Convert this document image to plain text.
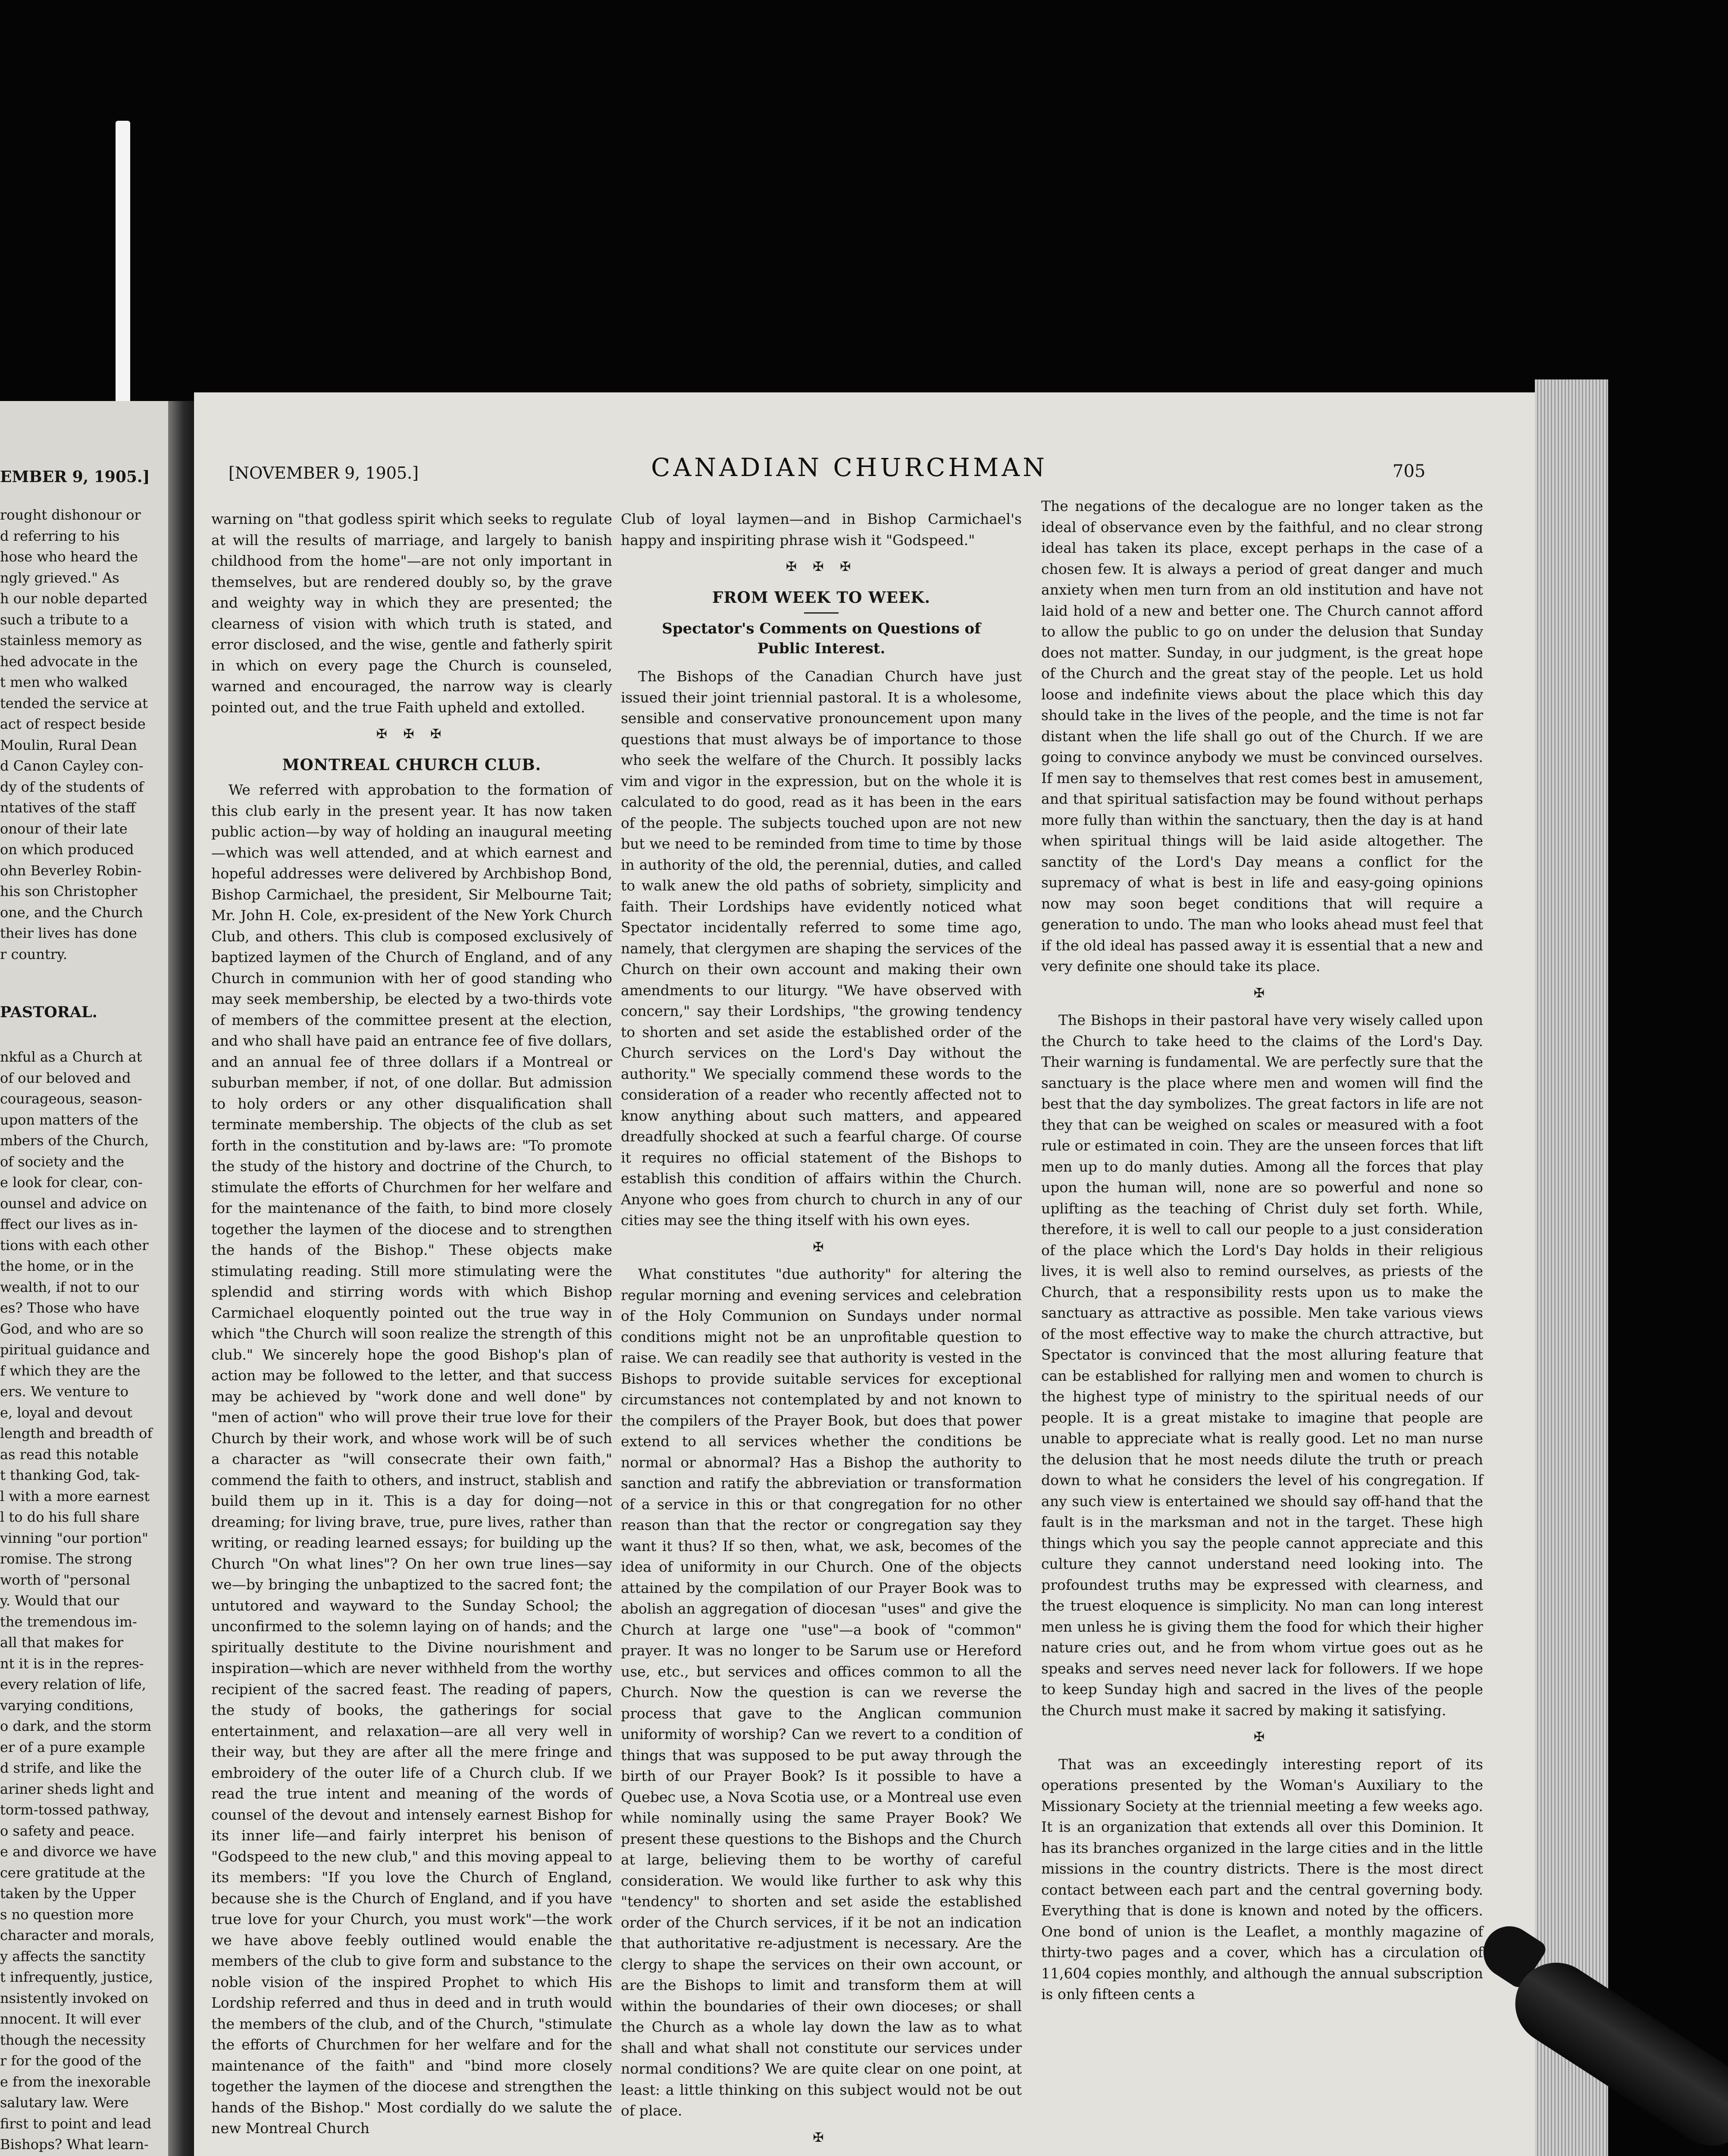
EMBER 9, 1905.]
rought dishonour or
d referring to his
hose who heard the
ngly grieved." As
h our noble departed
such a tribute to a
stainless memory as
hed advocate in the
t men who walked
tended the service at
act of respect beside
Moulin, Rural Dean
d Canon Cayley con-
dy of the students of
ntatives of the staff
onour of their late
on which produced
ohn Beverley Robin-
his son Christopher
one, and the Church
their lives has done
r country.
PASTORAL.
nkful as a Church at
of our beloved and
courageous, season-
upon matters of the
mbers of the Church,
of society and the
e look for clear, con-
ounsel and advice on
ffect our lives as in-
tions with each other
the home, or in the
wealth, if not to our
es? Those who have
God, and who are so
piritual guidance and
f which they are the
ers. We venture to
e, loyal and devout
length and breadth of
as read this notable
t thanking God, tak-
l with a more earnest
l to do his full share
vinning "our portion"
romise. The strong
worth of "personal
y. Would that our
the tremendous im-
all that makes for
nt it is in the repres-
every relation of life,
varying conditions,
o dark, and the storm
er of a pure example
d strife, and like the
ariner sheds light and
torm-tossed pathway,
o safety and peace.
e and divorce we have
cere gratitude at the
taken by the Upper
s no question more
character and morals,
y affects the sanctity
t infrequently, justice,
nsistently invoked on
nnocent. It will ever
though the necessity
r for the good of the
e from the inexorable
salutary law. Were
first to point and lead
Bishops? What learn-
[NOVEMBER 9, 1905.]	CANADIAN CHURCHMAN	705

warning on "that godless spirit which seeks to regulate at will the results of marriage, and largely to banish childhood from the home"—are not only important in themselves, but are rendered doubly so, by the grave and weighty way in which they are presented; the clearness of vision with which truth is stated, and error disclosed, and the wise, gentle and fatherly spirit in which on every page the Church is counseled, warned and encouraged, the narrow way is clearly pointed out, and the true Faith upheld and extolled.

✠ ✠ ✠
MONTREAL CHURCH CLUB.

We referred with approbation to the formation of this club early in the present year. It has now taken public action—by way of holding an inaugural meeting—which was well attended, and at which earnest and hopeful addresses were delivered by Archbishop Bond, Bishop Carmichael, the president, Sir Melbourne Tait; Mr. John H. Cole, ex-president of the New York Church Club, and others. This club is composed exclusively of baptized laymen of the Church of England, and of any Church in communion with her of good standing who may seek membership, be elected by a two-thirds vote of members of the committee present at the election, and who shall have paid an entrance fee of five dollars, and an annual fee of three dollars if a Montreal or suburban member, if not, of one dollar. But admission to holy orders or any other disqualification shall terminate membership. The objects of the club as set forth in the constitution and by-laws are: "To promote the study of the history and doctrine of the Church, to stimulate the efforts of Churchmen for her welfare and for the maintenance of the faith, to bind more closely together the laymen of the diocese and to strengthen the hands of the Bishop." These objects make stimulating reading. Still more stimulating were the splendid and stirring words with which Bishop Carmichael eloquently pointed out the true way in which "the Church will soon realize the strength of this club." We sincerely hope the good Bishop's plan of action may be followed to the letter, and that success may be achieved by "work done and well done" by "men of action" who will prove their true love for their Church by their work, and whose work will be of such a character as "will consecrate their own faith," commend the faith to others, and instruct, stablish and build them up in it. This is a day for doing—not dreaming; for living brave, true, pure lives, rather than writing, or reading learned essays; for building up the Church "On what lines"? On her own true lines—say we—by bringing the unbaptized to the sacred font; the untutored and wayward to the Sunday School; the unconfirmed to the solemn laying on of hands; and the spiritually destitute to the Divine nourishment and inspiration—which are never withheld from the worthy recipient of the sacred feast. The reading of papers, the study of books, the gatherings for social entertainment, and relaxation—are all very well in their way, but they are after all the mere fringe and embroidery of the outer life of a Church club. If we read the true intent and meaning of the words of counsel of the devout and intensely earnest Bishop for its inner life—and fairly interpret his benison of "Godspeed to the new club," and this moving appeal to its members: "If you love the Church of England, because she is the Church of England, and if you have true love for your Church, you must work"—the work we have above feebly outlined would enable the members of the club to give form and substance to the noble vision of the inspired Prophet to which His Lordship referred and thus in deed and in truth would the members of the club, and of the Church, "stimulate the efforts of Churchmen for her welfare and for the maintenance of the faith" and "bind more closely together the laymen of the diocese and strengthen the hands of the Bishop." Most cordially do we salute the new Montreal Church

Club of loyal laymen—and in Bishop Carmichael's happy and inspiriting phrase wish it "Godspeed."

✠ ✠ ✠
FROM WEEK TO WEEK.
Spectator's Comments on Questions of Public Interest.

The Bishops of the Canadian Church have just issued their joint triennial pastoral. It is a wholesome, sensible and conservative pronouncement upon many questions that must always be of importance to those who seek the welfare of the Church. It possibly lacks vim and vigor in the expression, but on the whole it is calculated to do good, read as it has been in the ears of the people. The subjects touched upon are not new but we need to be reminded from time to time by those in authority of the old, the perennial, duties, and called to walk anew the old paths of sobriety, simplicity and faith. Their Lordships have evidently noticed what Spectator incidentally referred to some time ago, namely, that clergymen are shaping the services of the Church on their own account and making their own amendments to our liturgy. "We have observed with concern," say their Lordships, "the growing tendency to shorten and set aside the established order of the Church services on the Lord's Day without the authority." We specially commend these words to the consideration of a reader who recently affected not to know anything about such matters, and appeared dreadfully shocked at such a fearful charge. Of course it requires no official statement of the Bishops to establish this condition of affairs within the Church. Anyone who goes from church to church in any of our cities may see the thing itself with his own eyes.

✠

What constitutes "due authority" for altering the regular morning and evening services and celebration of the Holy Communion on Sundays under normal conditions might not be an unprofitable question to raise. We can readily see that authority is vested in the Bishops to provide suitable services for exceptional circumstances not contemplated by and not known to the compilers of the Prayer Book, but does that power extend to all services whether the conditions be normal or abnormal? Has a Bishop the authority to sanction and ratify the abbreviation or transformation of a service in this or that congregation for no other reason than that the rector or congregation say they want it thus? If so then, what, we ask, becomes of the idea of uniformity in our Church. One of the objects attained by the compilation of our Prayer Book was to abolish an aggregation of diocesan "uses" and give the Church at large one "use"—a book of "common" prayer. It was no longer to be Sarum use or Hereford use, etc., but services and offices common to all the Church. Now the question is can we reverse the process that gave to the Anglican communion uniformity of worship? Can we revert to a condition of things that was supposed to be put away through the birth of our Prayer Book? Is it possible to have a Quebec use, a Nova Scotia use, or a Montreal use even while nominally using the same Prayer Book? We present these questions to the Bishops and the Church at large, believing them to be worthy of careful consideration. We would like further to ask why this "tendency" to shorten and set aside the established order of the Church services, if it be not an indication that authoritative re-adjustment is necessary. Are the clergy to shape the services on their own account, or are the Bishops to limit and transform them at will within the boundaries of their own dioceses; or shall the Church as a whole lay down the law as to what shall and what shall not constitute our services under normal conditions? We are quite clear on one point, at least: a little thinking on this subject would not be out of place.

✠

The negations of the decalogue are no longer taken as the ideal of observance even by the faithful, and no clear strong ideal has taken its place, except perhaps in the case of a chosen few. It is always a period of great danger and much anxiety when men turn from an old institution and have not laid hold of a new and better one. The Church cannot afford to allow the public to go on under the delusion that Sunday does not matter. Sunday, in our judgment, is the great hope of the Church and the great stay of the people. Let us hold loose and indefinite views about the place which this day should take in the lives of the people, and the time is not far distant when the life shall go out of the Church. If we are going to convince anybody we must be convinced ourselves. If men say to themselves that rest comes best in amusement, and that spiritual satisfaction may be found without perhaps more fully than within the sanctuary, then the day is at hand when spiritual things will be laid aside altogether. The sanctity of the Lord's Day means a conflict for the supremacy of what is best in life and easy-going opinions now may soon beget conditions that will require a generation to undo. The man who looks ahead must feel that if the old ideal has passed away it is essential that a new and very definite one should take its place.

✠

The Bishops in their pastoral have very wisely called upon the Church to take heed to the claims of the Lord's Day. Their warning is fundamental. We are perfectly sure that the sanctuary is the place where men and women will find the best that the day symbolizes. The great factors in life are not they that can be weighed on scales or measured with a foot rule or estimated in coin. They are the unseen forces that lift men up to do manly duties. Among all the forces that play upon the human will, none are so powerful and none so uplifting as the teaching of Christ duly set forth. While, therefore, it is well to call our people to a just consideration of the place which the Lord's Day holds in their religious lives, it is well also to remind ourselves, as priests of the Church, that a responsibility rests upon us to make the sanctuary as attractive as possible. Men take various views of the most effective way to make the church attractive, but Spectator is convinced that the most alluring feature that can be established for rallying men and women to church is the highest type of ministry to the spiritual needs of our people. It is a great mistake to imagine that people are unable to appreciate what is really good. Let no man nurse the delusion that he most needs dilute the truth or preach down to what he considers the level of his congregation. If any such view is entertained we should say off-hand that the fault is in the marksman and not in the target. These high things which you say the people cannot appreciate and this culture they cannot understand need looking into. The profoundest truths may be expressed with clearness, and the truest eloquence is simplicity. No man can long interest men unless he is giving them the food for which their higher nature cries out, and he from whom virtue goes out as he speaks and serves need never lack for followers. If we hope to keep Sunday high and sacred in the lives of the people the Church must make it sacred by making it satisfying.

✠

That was an exceedingly interesting report of its operations presented by the Woman's Auxiliary to the Missionary Society at the triennial meeting a few weeks ago. It is an organization that extends all over this Dominion. It has its branches organized in the large cities and in the little missions in the country districts. There is the most direct contact between each part and the central governing body. Everything that is done is known and noted by the officers. One bond of union is the Leaflet, a monthly magazine of thirty-two pages and a cover, which has a circulation of 11,604 copies monthly, and although the annual subscription is only fifteen cents a
